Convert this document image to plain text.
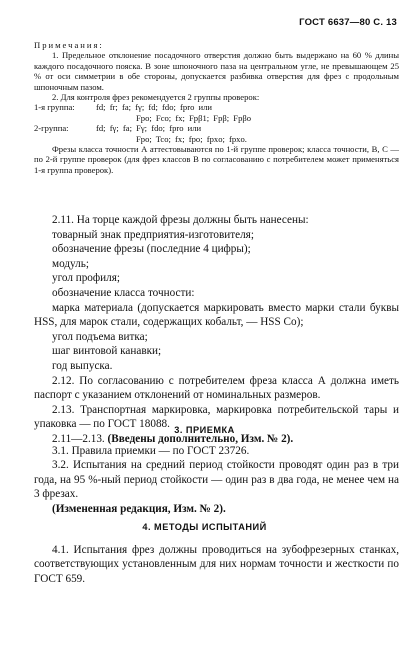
ГОСТ 6637—80 С. 13

Примечания:

1. Предельное отклонение посадочного отверстия должно быть выдержано на 60 % длины каждого посадочного пояска. В зоне шпоночного паза на центральном угле, не превышающем 25 % от оси симметрии в обе стороны, допускается разбивка отверстия для фрез с продольным шпоночным пазом.

2. Для контроля фрез рекомендуется 2 группы проверок:

1-я группа:	fd; fr; fa; fγ; fd; fdo; fpro или
Fpo; Fco; fx; Fpβ1; Fpβ; Fpβo
2-группа:	fd; fγ; fa; Fγ; fdo; fpro или
Fpo; Tco; fx; fpo; fpxo; fpxo.

Фрезы класса точности А аттестовываются по 1-й группе проверок; класса точности, В, С — по 2-й группе проверок (для фрез классов В по согласованию с потребителем может применяться 1-я группа проверок).

2.11. На торце каждой фрезы должны быть нанесены:

товарный знак предприятия-изготовителя;

обозначение фрезы (последние 4 цифры);

модуль;

угол профиля;

обозначение класса точности:

марка материала (допускается маркировать вместо марки стали буквы HSS, для марок стали, содержащих кобальт, — HSS Co);

угол подъема витка;

шаг винтовой канавки;

год выпуска.

2.12. По согласованию с потребителем фреза класса А должна иметь паспорт с указанием отклонений от номинальных размеров.

2.13. Транспортная маркировка, маркировка потребительской тары и упаковка — по ГОСТ 18088.

2.11—2.13. (Введены дополнительно, Изм. № 2).

3. ПРИЕМКА

3.1. Правила приемки — по ГОСТ 23726.

3.2. Испытания на средний период стойкости проводят один раз в три года, на 95 %-ный период стойкости — один раз в два года, не менее чем на 3 фрезах.

(Измененная редакция, Изм. № 2).

4. МЕТОДЫ ИСПЫТАНИЙ

4.1. Испытания фрез должны проводиться на зубофрезерных станках, соответствующих установленным для них нормам точности и жесткости по ГОСТ 659.
